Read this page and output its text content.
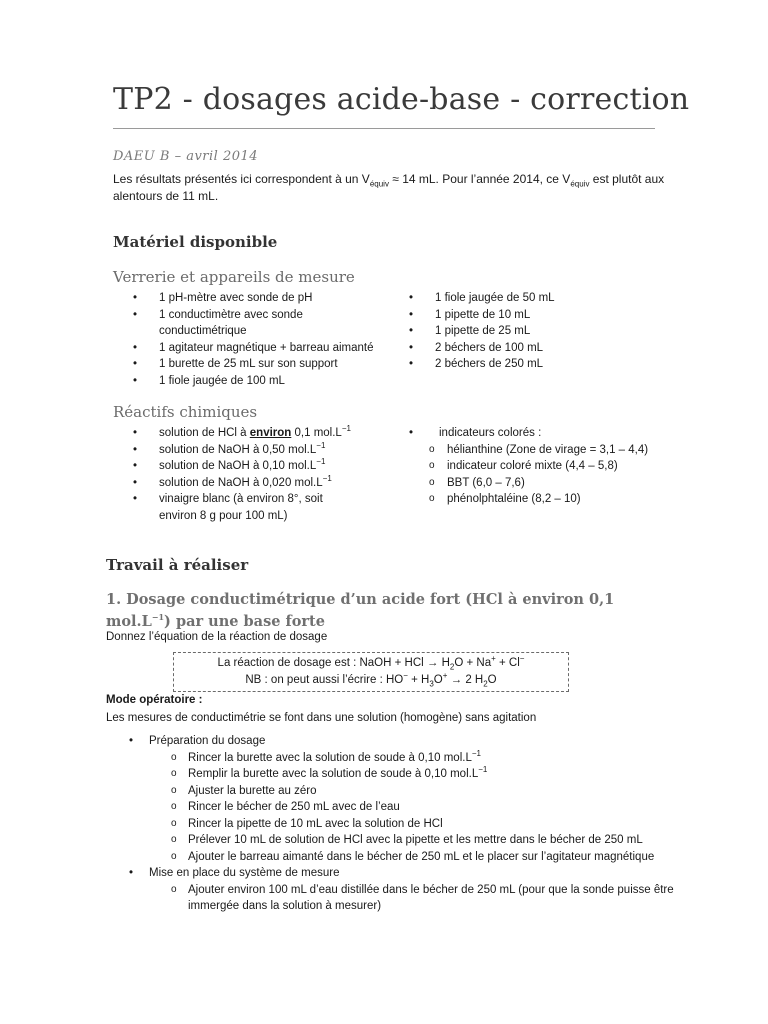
TP2 - dosages acide-base - correction
DAEU B – avril 2014
Les résultats présentés ici correspondent à un $V_{équiv} \approx 14$ mL. Pour l’année 2014, ce $V_{équiv}$ est plutôt aux alentours de 11 mL.
Matériel disponible
Verrerie et appareils de mesure
• 1 pH-mètre avec sonde de pH
• 1 conductimètre avec sonde conductimétrique
• 1 agitateur magnétique + barreau aimanté
• 1 burette de 25 mL sur son support
• 1 fiole jaugée de 100 mL
• 1 fiole jaugée de 50 mL
• 1 pipette de 10 mL
• 1 pipette de 25 mL
• 2 béchers de 100 mL
• 2 béchers de 250 mL
Réactifs chimiques
• solution de HCl à environ 0,1 $mol.L^{-1}$
• solution de NaOH à 0,50 $mol.L^{-1}$
• solution de NaOH à 0,10 $mol.L^{-1}$
• solution de NaOH à 0,020 $mol.L^{-1}$
• vinaigre blanc (à environ 8°, soit environ 8 g pour 100 mL)
• indicateurs colorés :
o hélianthine (Zone de virage = 3,1 – 4,4)
o indicateur coloré mixte (4,4 – 5,8)
o BBT (6,0 – 7,6)
o phénolphtaléine (8,2 – 10)
Travail à réaliser
1. Dosage conductimétrique d’un acide fort (HCl à environ 0,1 $mol.L^{-1}$) par une base forte
Donnez l’équation de la réaction de dosage
La réaction de dosage est : NaOH + HCl → $H_2O + Na^+ + Cl^-$
NB : on peut aussi l’écrire : $HO^- + H_3O^+ \to 2$ $H_2O$
Mode opératoire :
Les mesures de conductimétrie se font dans une solution (homogène) sans agitation
• Préparation du dosage
o Rincer la burette avec la solution de soude à 0,10 $mol.L^{-1}$
o Remplir la burette avec la solution de soude à 0,10 $mol.L^{-1}$
o Ajuster la burette au zéro
o Rincer le bécher de 250 mL avec de l’eau
o Rincer la pipette de 10 mL avec la solution de HCl
o Prélever 10 mL de solution de HCl avec la pipette et les mettre dans le bécher de 250 mL
o Ajouter le barreau aimanté dans le bécher de 250 mL et le placer sur l’agitateur magnétique
• Mise en place du système de mesure
o Ajouter environ 100 mL d’eau distillée dans le bécher de 250 mL (pour que la sonde puisse être immergée dans la solution à mesurer)
